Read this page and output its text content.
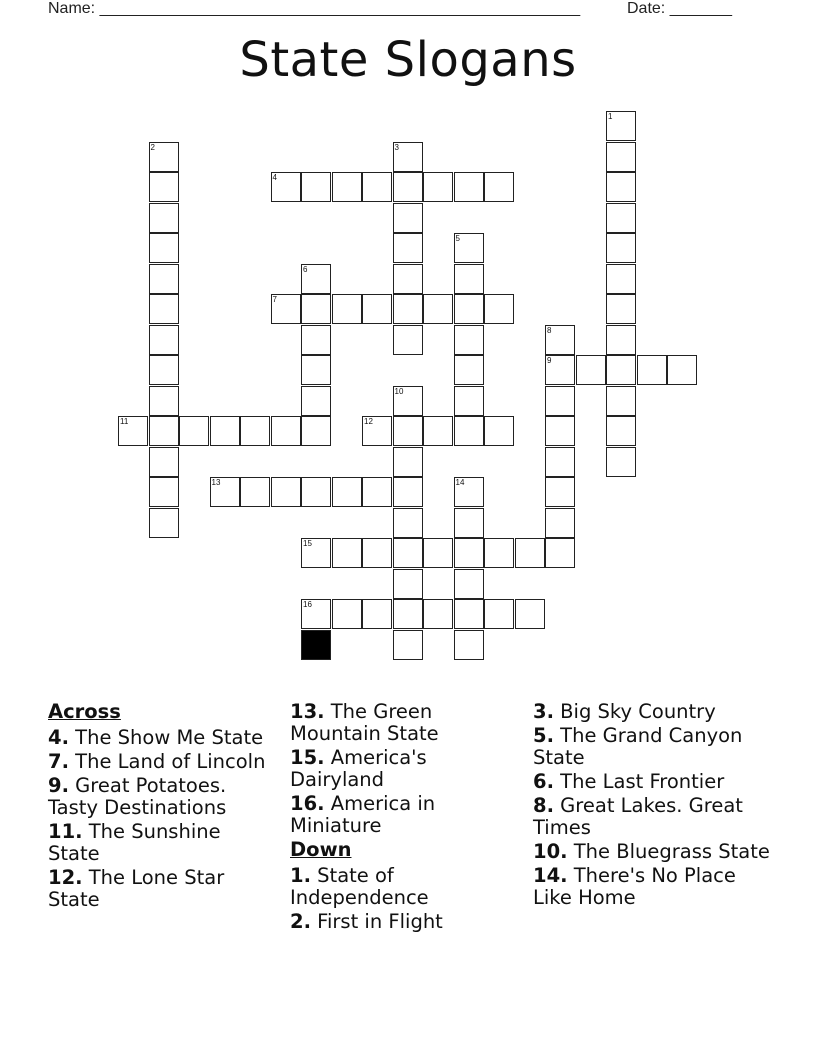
Name: ______________________________________________________	Date: _______
State Slogans
1
2	3
4
5
6
7
8
9
10
11	12
13	14
15
16
Across
4. The Show Me State
7. The Land of Lincoln
9. Great Potatoes. Tasty Destinations
11. The Sunshine State
12. The Lone Star State
13. The Green Mountain State
15. America's Dairyland
16. America in Miniature
Down
1. State of Independence
2. First in Flight
3. Big Sky Country
5. The Grand Canyon State
6. The Last Frontier
8. Great Lakes. Great Times
10. The Bluegrass State
14. There's No Place Like Home
